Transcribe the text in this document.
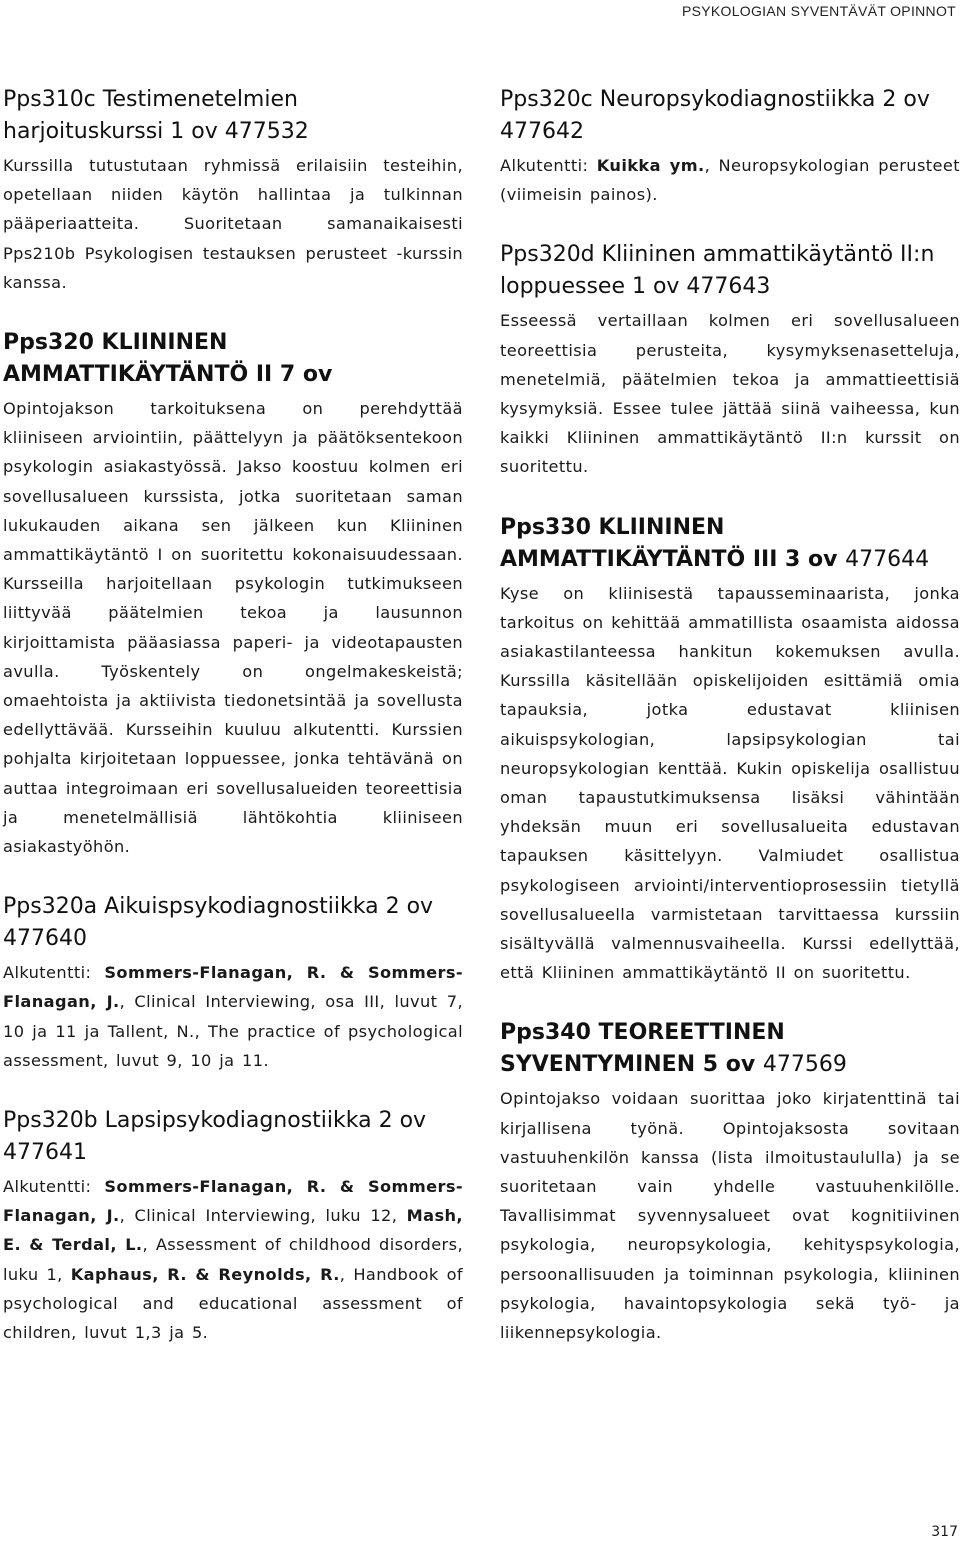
PSYKOLOGIAN SYVENTÄVÄT OPINNOT
Pps310c Testimenetelmien harjoituskurssi 1 ov 477532

Kurssilla tutustutaan ryhmissä erilaisiin testeihin, opetellaan niiden käytön hallintaa ja tulkinnan pääperiaatteita. Suoritetaan samanaikaisesti Pps210b Psykologisen testauksen perusteet -kurssin kanssa.

Pps320 KLIININEN AMMATTIKÄYTÄNTÖ II 7 ov

Opintojakson tarkoituksena on perehdyttää kliiniseen arviointiin, päättelyyn ja päätöksentekoon psykologin asiakastyössä. Jakso koostuu kolmen eri sovellusalueen kurssista, jotka suoritetaan saman lukukauden aikana sen jälkeen kun Kliininen ammattikäytäntö I on suoritettu kokonaisuudessaan. Kursseilla harjoitellaan psykologin tutkimukseen liittyvää päätelmien tekoa ja lausunnon kirjoittamista pääasiassa paperi- ja videotapausten avulla. Työskentely on ongelmakeskeistä; omaehtoista ja aktiivista tiedonetsintää ja sovellusta edellyttävää. Kursseihin kuuluu alkutentti. Kurssien pohjalta kirjoitetaan loppuessee, jonka tehtävänä on auttaa integroimaan eri sovellusalueiden teoreettisia ja menetelmällisiä lähtökohtia kliiniseen asiakastyöhön.

Pps320a Aikuispsykodiagnostiikka 2 ov 477640

Alkutentti: Sommers-Flanagan, R. & Sommers-Flanagan, J., Clinical Interviewing, osa III, luvut 7, 10 ja 11 ja Tallent, N., The practice of psychological assessment, luvut 9, 10 ja 11.

Pps320b Lapsipsykodiagnostiikka 2 ov 477641

Alkutentti: Sommers-Flanagan, R. & Sommers-Flanagan, J., Clinical Interviewing, luku 12, Mash, E. & Terdal, L., Assessment of childhood disorders, luku 1, Kaphaus, R. & Reynolds, R., Handbook of psychological and educational assessment of children, luvut 1,3 ja 5.

Pps320c Neuropsykodiagnostiikka 2 ov 477642

Alkutentti: Kuikka ym., Neuropsykologian perusteet (viimeisin painos).

Pps320d Kliininen ammattikäytäntö II:n loppuessee 1 ov 477643

Esseessä vertaillaan kolmen eri sovellusalueen teoreettisia perusteita, kysymyksenasetteluja, menetelmiä, päätelmien tekoa ja ammattieettisiä kysymyksiä. Essee tulee jättää siinä vaiheessa, kun kaikki Kliininen ammattikäytäntö II:n kurssit on suoritettu.

Pps330 KLIININEN AMMATTIKÄYTÄNTÖ III 3 ov 477644

Kyse on kliinisestä tapausseminaarista, jonka tarkoitus on kehittää ammatillista osaamista aidossa asiakastilanteessa hankitun kokemuksen avulla. Kurssilla käsitellään opiskelijoiden esittämiä omia tapauksia, jotka edustavat kliinisen aikuispsykologian, lapsipsykologian tai neuropsykologian kenttää. Kukin opiskelija osallistuu oman tapaustutkimuksensa lisäksi vähintään yhdeksän muun eri sovellusalueita edustavan tapauksen käsittelyyn. Valmiudet osallistua psykologiseen arviointi/interventioprosessiin tietyllä sovellusalueella varmistetaan tarvittaessa kurssiin sisältyvällä valmennusvaiheella. Kurssi edellyttää, että Kliininen ammattikäytäntö II on suoritettu.

Pps340 TEOREETTINEN SYVENTYMINEN 5 ov 477569

Opintojakso voidaan suorittaa joko kirjatenttinä tai kirjallisena työnä. Opintojaksosta sovitaan vastuuhenkilön kanssa (lista ilmoitustaululla) ja se suoritetaan vain yhdelle vastuuhenkilölle. Tavallisimmat syvennysalueet ovat kognitiivinen psykologia, neuropsykologia, kehityspsykologia, persoonallisuuden ja toiminnan psykologia, kliininen psykologia, havaintopsykologia sekä työ- ja liikennepsykologia.

317
